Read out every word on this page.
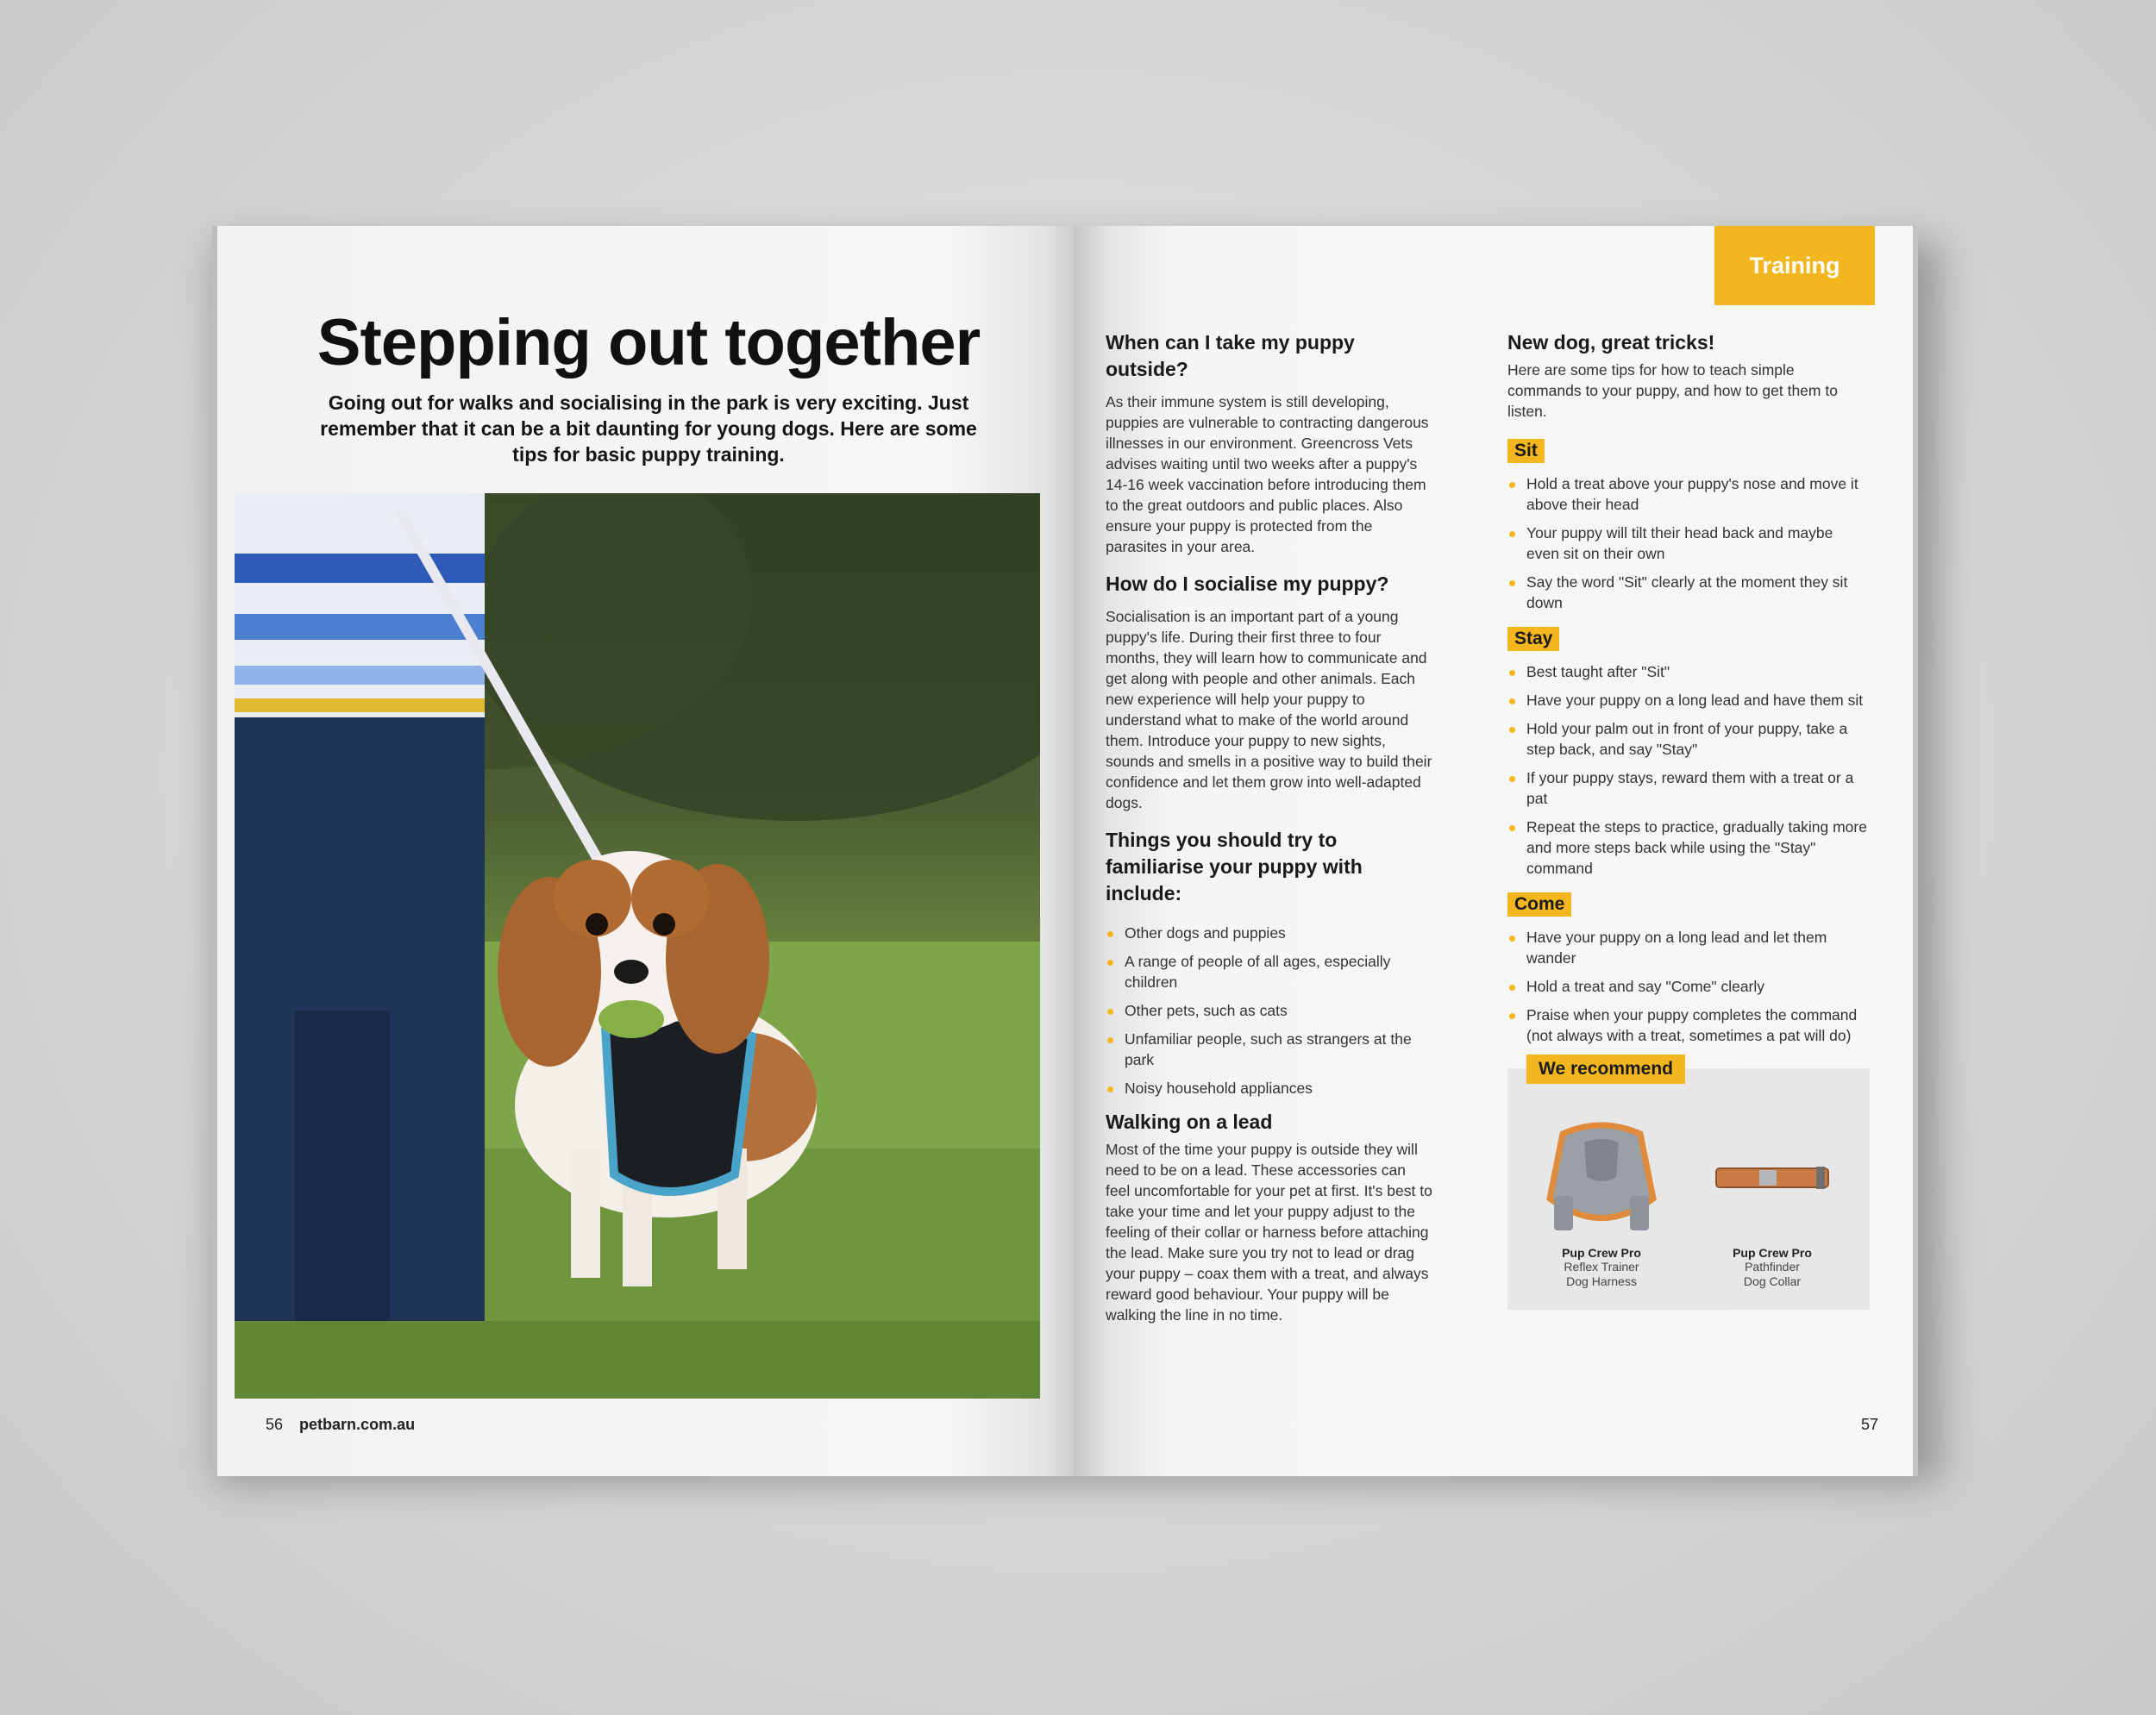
Stepping out together

Going out for walks and socialising in the park is very exciting. Just remember that it can be a bit daunting for young dogs. Here are some tips for basic puppy training.

56 petbarn.com.au
Training
When can I take my puppy outside?

As their immune system is still developing, puppies are vulnerable to contracting dangerous illnesses in our environment. Greencross Vets advises waiting until two weeks after a puppy's 14-16 week vaccination before introducing them to the great outdoors and public places. Also ensure your puppy is protected from the parasites in your area.

How do I socialise my puppy?

Socialisation is an important part of a young puppy's life. During their first three to four months, they will learn how to communicate and get along with people and other animals. Each new experience will help your puppy to understand what to make of the world around them. Introduce your puppy to new sights, sounds and smells in a positive way to build their confidence and let them grow into well-adapted dogs.

Things you should try to familiarise your puppy with include:
Other dogs and puppies
A range of people of all ages, especially children
Other pets, such as cats
Unfamiliar people, such as strangers at the park
Noisy household appliances
Walking on a lead

Most of the time your puppy is outside they will need to be on a lead. These accessories can feel uncomfortable for your pet at first. It's best to take your time and let your puppy adjust to the feeling of their collar or harness before attaching the lead. Make sure you try not to lead or drag your puppy – coax them with a treat, and always reward good behaviour. Your puppy will be walking the line in no time.

New dog, great tricks!

Here are some tips for how to teach simple commands to your puppy, and how to get them to listen.

Sit
Hold a treat above your puppy's nose and move it above their head
Your puppy will tilt their head back and maybe even sit on their own
Say the word "Sit" clearly at the moment they sit down
Stay
Best taught after "Sit"
Have your puppy on a long lead and have them sit
Hold your palm out in front of your puppy, take a step back, and say "Stay"
If your puppy stays, reward them with a treat or a pat
Repeat the steps to practice, gradually taking more and more steps back while using the "Stay" command
Come
Have your puppy on a long lead and let them wander
Hold a treat and say "Come" clearly
Praise when your puppy completes the command (not always with a treat, sometimes a pat will do)
We recommend
Pup Crew Pro
Reflex Trainer
Dog Harness
Pup Crew Pro
Pathfinder
Dog Collar
57
